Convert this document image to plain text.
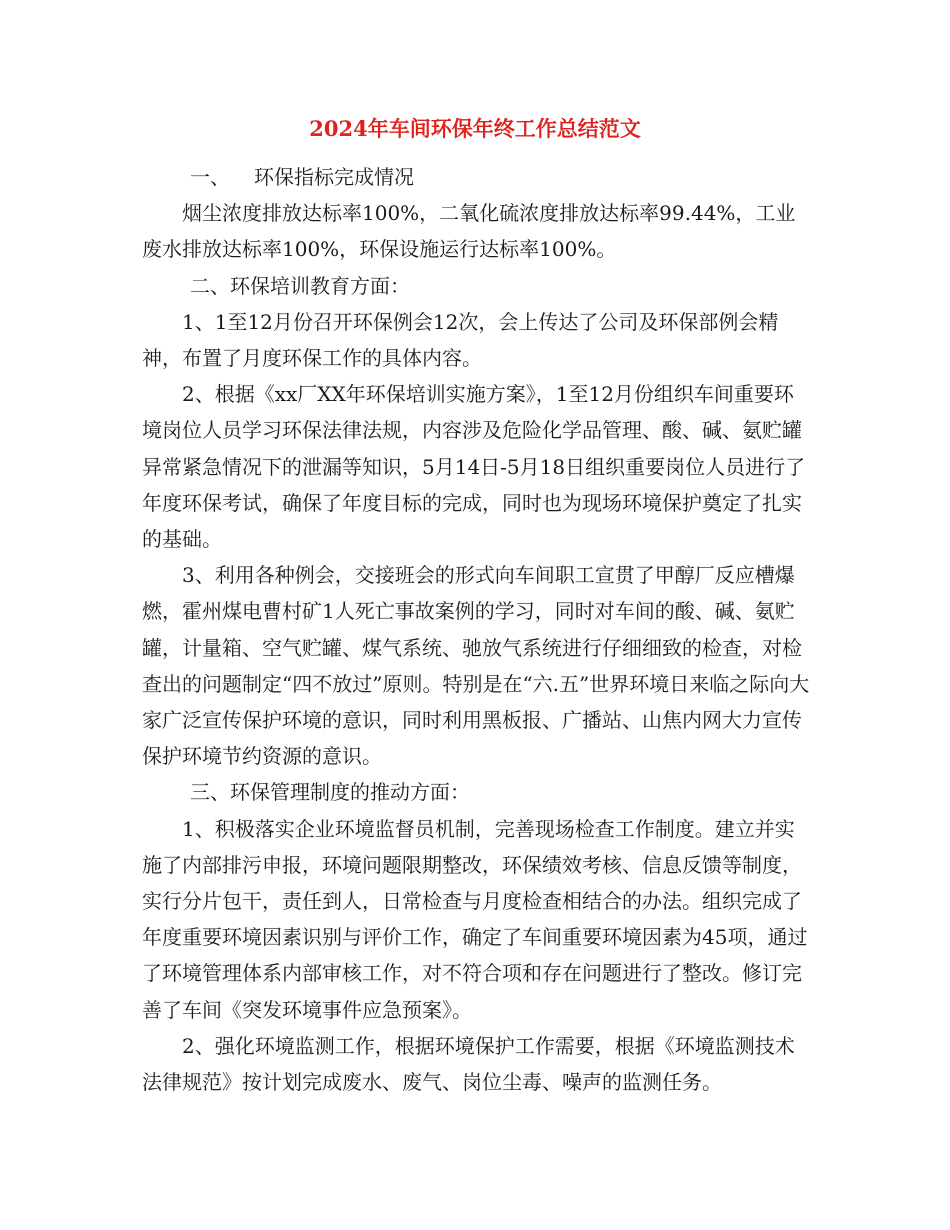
2024年车间环保年终工作总结范文
一、 环保指标完成情况

烟尘浓度排放达标率100%，二氧化硫浓度排放达标率99.44%，工业废水排放达标率100%，环保设施运行达标率100%。

二、环保培训教育方面：

1、1至12月份召开环保例会12次，会上传达了公司及环保部例会精神，布置了月度环保工作的具体内容。

2、根据《xx厂XX年环保培训实施方案》，1至12月份组织车间重要环境岗位人员学习环保法律法规，内容涉及危险化学品管理、酸、碱、氨贮罐异常紧急情况下的泄漏等知识，5月14日-5月18日组织重要岗位人员进行了年度环保考试，确保了年度目标的完成，同时也为现场环境保护奠定了扎实的基础。

3、利用各种例会，交接班会的形式向车间职工宣贯了甲醇厂反应槽爆燃，霍州煤电曹村矿1人死亡事故案例的学习，同时对车间的酸、碱、氨贮罐，计量箱、空气贮罐、煤气系统、驰放气系统进行仔细细致的检查，对检查出的问题制定“四不放过”原则。特别是在“六.五”世界环境日来临之际向大家广泛宣传保护环境的意识，同时利用黑板报、广播站、山焦内网大力宣传保护环境节约资源的意识。

三、环保管理制度的推动方面：

1、积极落实企业环境监督员机制，完善现场检查工作制度。建立并实施了内部排污申报，环境问题限期整改，环保绩效考核、信息反馈等制度，实行分片包干，责任到人，日常检查与月度检查相结合的办法。组织完成了年度重要环境因素识别与评价工作，确定了车间重要环境因素为45项，通过了环境管理体系内部审核工作，对不符合项和存在问题进行了整改。修订完善了车间《突发环境事件应急预案》。

2、强化环境监测工作，根据环境保护工作需要，根据《环境监测技术法律规范》按计划完成废水、废气、岗位尘毒、噪声的监测任务。
